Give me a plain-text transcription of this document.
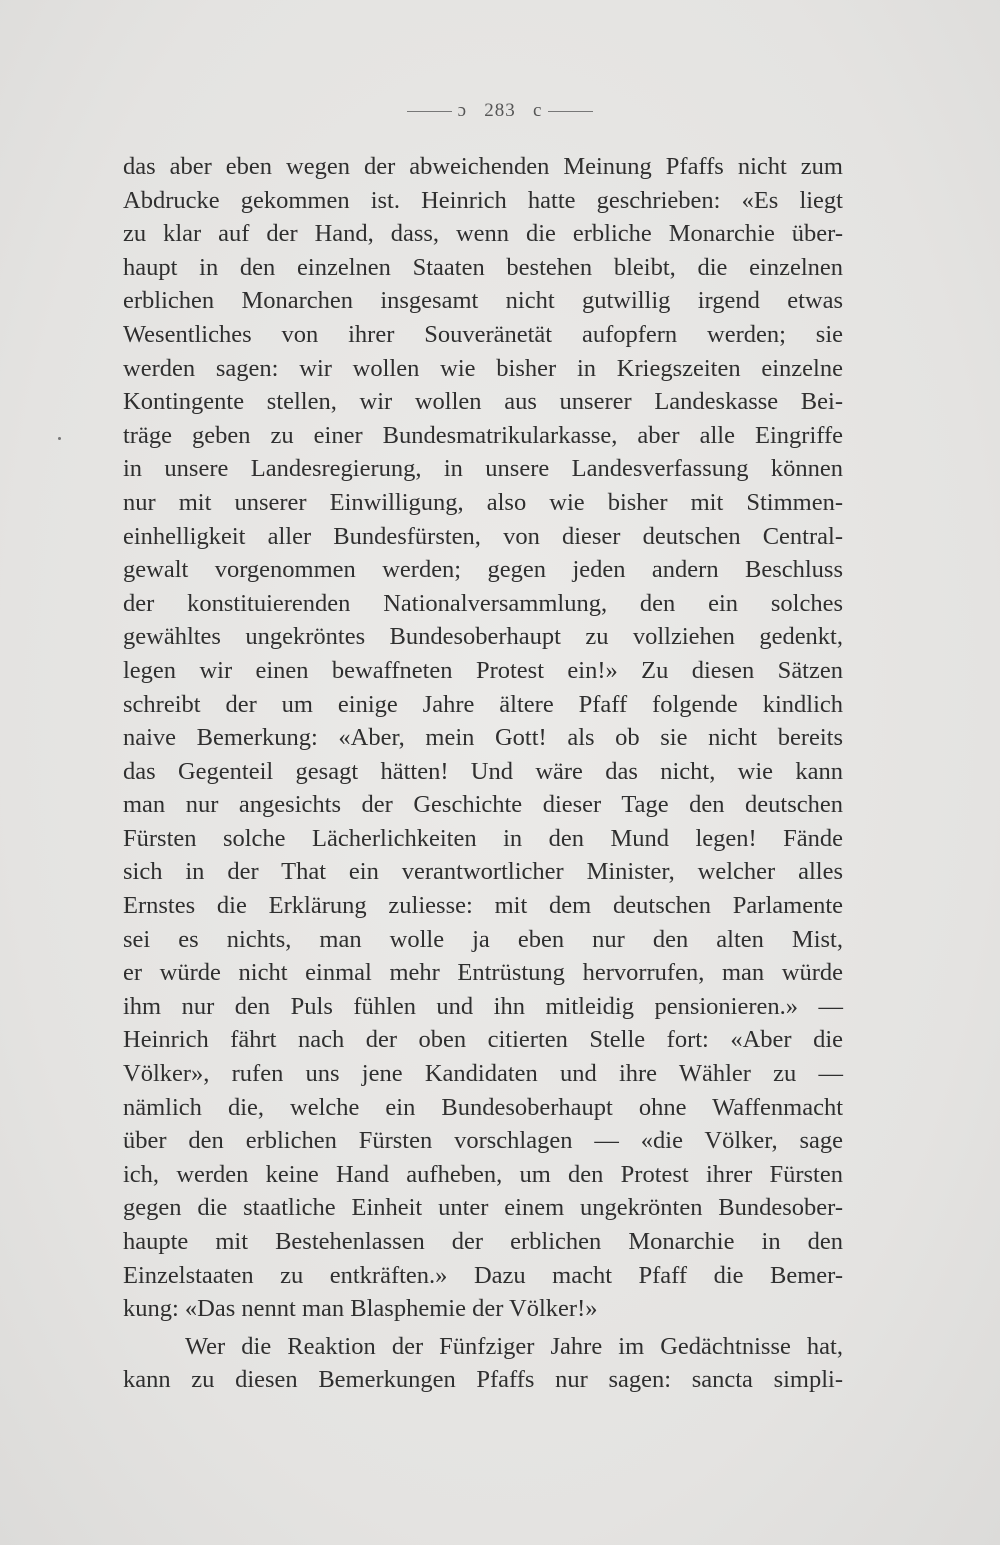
ɔ 283 c
das aber eben wegen der abweichenden Meinung Pfaffs nicht zum
Abdrucke gekommen ist. Heinrich hatte geschrieben: «Es liegt
zu klar auf der Hand, dass, wenn die erbliche Monarchie über-
haupt in den einzelnen Staaten bestehen bleibt, die einzelnen
erblichen Monarchen insgesamt nicht gutwillig irgend etwas
Wesentliches von ihrer Souveränetät aufopfern werden; sie
werden sagen: wir wollen wie bisher in Kriegszeiten einzelne
Kontingente stellen, wir wollen aus unserer Landeskasse Bei-
träge geben zu einer Bundesmatrikularkasse, aber alle Eingriffe
in unsere Landesregierung, in unsere Landesverfassung können
nur mit unserer Einwilligung, also wie bisher mit Stimmen-
einhelligkeit aller Bundesfürsten, von dieser deutschen Central-
gewalt vorgenommen werden; gegen jeden andern Beschluss
der konstituierenden Nationalversammlung, den ein solches
gewähltes ungekröntes Bundesoberhaupt zu vollziehen gedenkt,
legen wir einen bewaffneten Protest ein!» Zu diesen Sätzen
schreibt der um einige Jahre ältere Pfaff folgende kindlich
naive Bemerkung: «Aber, mein Gott! als ob sie nicht bereits
das Gegenteil gesagt hätten! Und wäre das nicht, wie kann
man nur angesichts der Geschichte dieser Tage den deutschen
Fürsten solche Lächerlichkeiten in den Mund legen! Fände
sich in der That ein verantwortlicher Minister, welcher alles
Ernstes die Erklärung zuliesse: mit dem deutschen Parlamente
sei es nichts, man wolle ja eben nur den alten Mist,
er würde nicht einmal mehr Entrüstung hervorrufen, man würde
ihm nur den Puls fühlen und ihn mitleidig pensionieren.» —
Heinrich fährt nach der oben citierten Stelle fort: «Aber die
Völker», rufen uns jene Kandidaten und ihre Wähler zu —
nämlich die, welche ein Bundesoberhaupt ohne Waffenmacht
über den erblichen Fürsten vorschlagen — «die Völker, sage
ich, werden keine Hand aufheben, um den Protest ihrer Fürsten
gegen die staatliche Einheit unter einem ungekrönten Bundesober-
haupte mit Bestehenlassen der erblichen Monarchie in den
Einzelstaaten zu entkräften.» Dazu macht Pfaff die Bemer-
kung: «Das nennt man Blasphemie der Völker!»
Wer die Reaktion der Fünfziger Jahre im Gedächtnisse hat,
kann zu diesen Bemerkungen Pfaffs nur sagen: sancta simpli-
